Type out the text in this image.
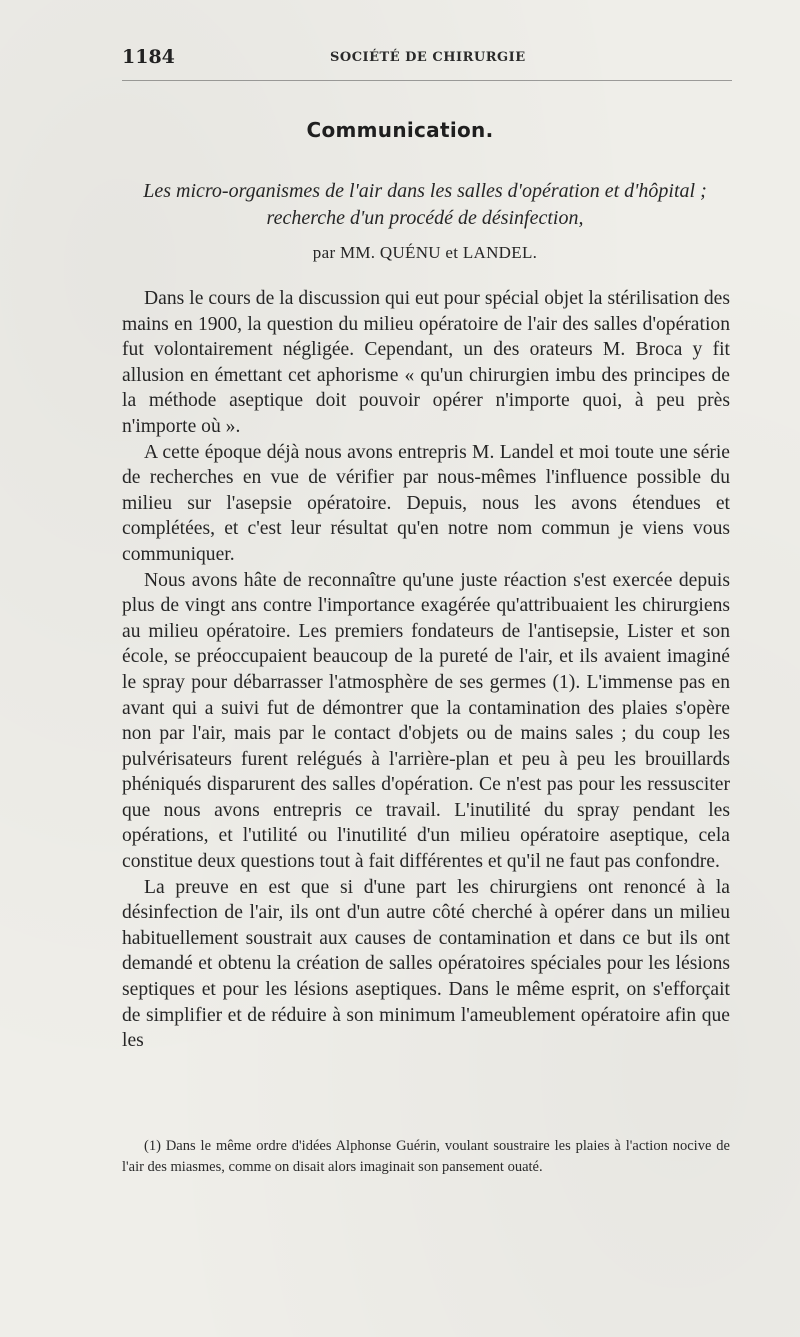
1184	SOCIÉTÉ DE CHIRURGIE
Communication.
Les micro-organismes de l'air dans les salles d'opération et d'hôpital ;
recherche d'un procédé de désinfection,
par MM. QUÉNU et LANDEL.

Dans le cours de la discussion qui eut pour spécial objet la stérilisation des mains en 1900, la question du milieu opératoire de l'air des salles d'opération fut volontairement négligée. Cependant, un des orateurs M. Broca y fit allusion en émettant cet aphorisme « qu'un chirurgien imbu des principes de la méthode aseptique doit pouvoir opérer n'importe quoi, à peu près n'importe où ».

A cette époque déjà nous avons entrepris M. Landel et moi toute une série de recherches en vue de vérifier par nous-mêmes l'influence possible du milieu sur l'asepsie opératoire. Depuis, nous les avons étendues et complétées, et c'est leur résultat qu'en notre nom commun je viens vous communiquer.

Nous avons hâte de reconnaître qu'une juste réaction s'est exercée depuis plus de vingt ans contre l'importance exagérée qu'attribuaient les chirurgiens au milieu opératoire. Les premiers fondateurs de l'antisepsie, Lister et son école, se préoccupaient beaucoup de la pureté de l'air, et ils avaient imaginé le spray pour débarrasser l'atmosphère de ses germes (1). L'immense pas en avant qui a suivi fut de démontrer que la contamination des plaies s'opère non par l'air, mais par le contact d'objets ou de mains sales ; du coup les pulvérisateurs furent relégués à l'arrière-plan et peu à peu les brouillards phéniqués disparurent des salles d'opération. Ce n'est pas pour les ressusciter que nous avons entrepris ce travail. L'inutilité du spray pendant les opérations, et l'utilité ou l'inutilité d'un milieu opératoire aseptique, cela constitue deux questions tout à fait différentes et qu'il ne faut pas confondre.

La preuve en est que si d'une part les chirurgiens ont renoncé à la désinfection de l'air, ils ont d'un autre côté cherché à opérer dans un milieu habituellement soustrait aux causes de contamination et dans ce but ils ont demandé et obtenu la création de salles opératoires spéciales pour les lésions septiques et pour les lésions aseptiques. Dans le même esprit, on s'efforçait de simplifier et de réduire à son minimum l'ameublement opératoire afin que les

(1) Dans le même ordre d'idées Alphonse Guérin, voulant soustraire les plaies à l'action nocive de l'air des miasmes, comme on disait alors imaginait son pansement ouaté.
